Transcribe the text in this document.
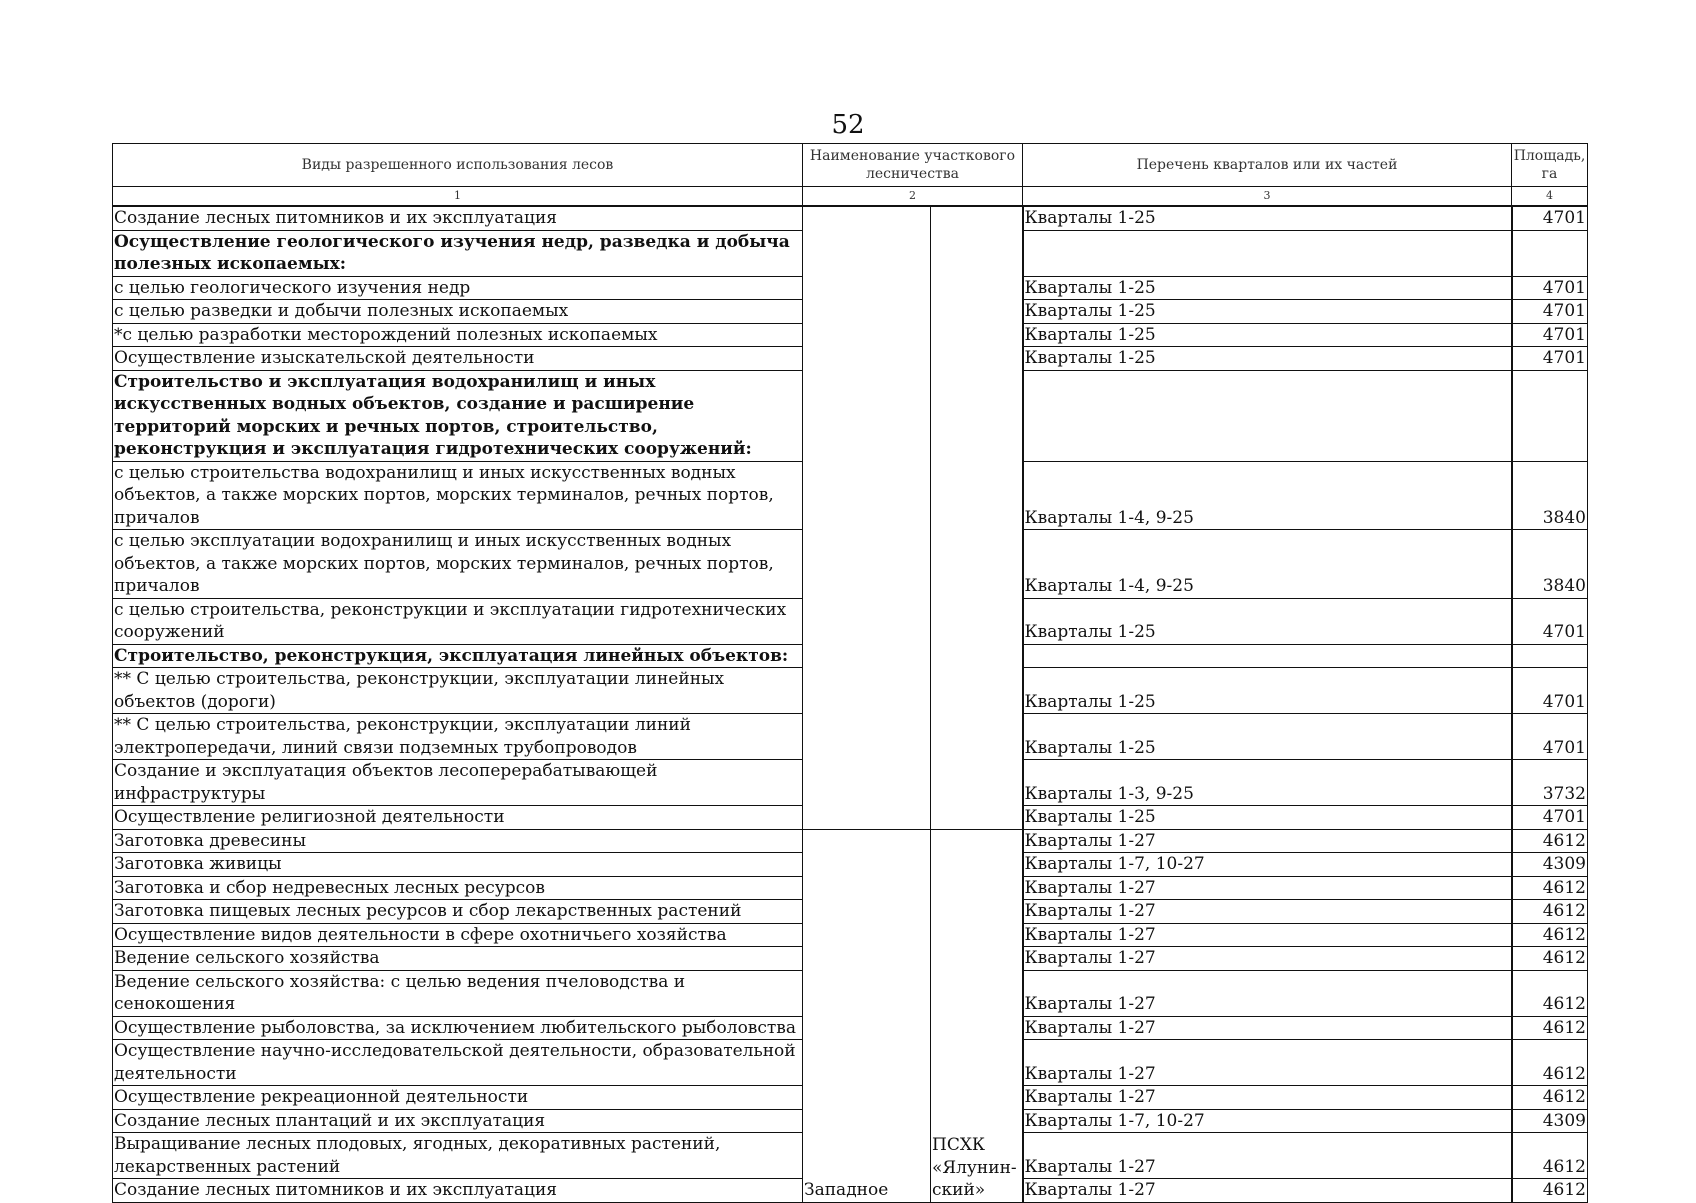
52
Виды разрешенного использования лесов	Наименование участкового лесничества		Перечень кварталов или их частей	Площадь, га
1	2		3	4
Создание лесных питомников и их эксплуатация			Кварталы 1-25	4701
Осуществление геологического изучения недр, разведка и добыча полезных ископаемых:				
с целью геологического изучения недр			Кварталы 1-25	4701
с целью разведки и добычи полезных ископаемых			Кварталы 1-25	4701
*с целью разработки месторождений полезных ископаемых			Кварталы 1-25	4701
Осуществление изыскательской деятельности			Кварталы 1-25	4701
Строительство и эксплуатация водохранилищ и иных искусственных водных объектов, создание и расширение территорий морских и речных портов, строительство, реконструкция и эксплуатация гидротехнических сооружений:				
с целью строительства водохранилищ и иных искусственных водных объектов, а также морских портов, морских терминалов, речных портов, причалов			Кварталы 1-4, 9-25	3840
с целью эксплуатации водохранилищ и иных искусственных водных объектов, а также морских портов, морских терминалов, речных портов, причалов			Кварталы 1-4, 9-25	3840
с целью строительства, реконструкции и эксплуатации гидротехнических сооружений			Кварталы 1-25	4701
Строительство, реконструкция, эксплуатация линейных объектов:				
** С целью строительства, реконструкции, эксплуатации линейных объектов (дороги)			Кварталы 1-25	4701
** С целью строительства, реконструкции, эксплуатации линий электропередачи, линий связи подземных трубопроводов			Кварталы 1-25	4701
Создание и эксплуатация объектов лесоперерабатывающей инфраструктуры			Кварталы 1-3, 9-25	3732
Осуществление религиозной деятельности			Кварталы 1-25	4701
Заготовка древесины	Западное	ПСХК «Ялунин-ский»	Кварталы 1-27	4612
Заготовка живицы			Кварталы 1-7, 10-27	4309
Заготовка и сбор недревесных лесных ресурсов			Кварталы 1-27	4612
Заготовка пищевых лесных ресурсов и сбор лекарственных растений			Кварталы 1-27	4612
Осуществление видов деятельности в сфере охотничьего хозяйства			Кварталы 1-27	4612
Ведение сельского хозяйства			Кварталы 1-27	4612
Ведение сельского хозяйства: с целью ведения пчеловодства и сенокошения			Кварталы 1-27	4612
Осуществление рыболовства, за исключением любительского рыболовства			Кварталы 1-27	4612
Осуществление научно-исследовательской деятельности, образовательной деятельности			Кварталы 1-27	4612
Осуществление рекреационной деятельности			Кварталы 1-27	4612
Создание лесных плантаций и их эксплуатация			Кварталы 1-7, 10-27	4309
Выращивание лесных плодовых, ягодных, декоративных растений, лекарственных растений			Кварталы 1-27	4612
Создание лесных питомников и их эксплуатация			Кварталы 1-27	4612
